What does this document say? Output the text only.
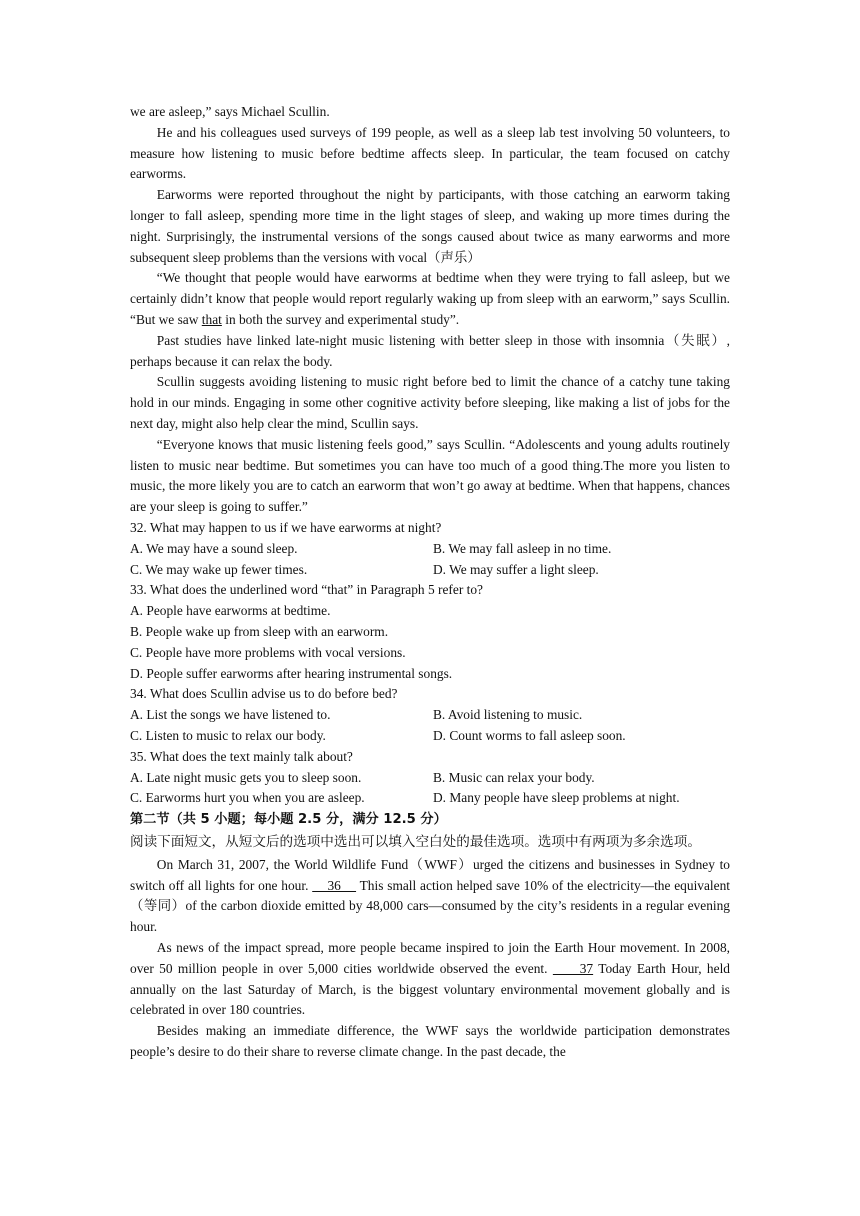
we are asleep,” says Michael Scullin.

He and his colleagues used surveys of 199 people, as well as a sleep lab test involving 50 volunteers, to measure how listening to music before bedtime affects sleep. In particular, the team focused on catchy earworms.

Earworms were reported throughout the night by participants, with those catching an earworm taking longer to fall asleep, spending more time in the light stages of sleep, and waking up more times during the night. Surprisingly, the instrumental versions of the songs caused about twice as many earworms and more subsequent sleep problems than the versions with vocal（声乐）

“We thought that people would have earworms at bedtime when they were trying to fall asleep, but we certainly didn’t know that people would report regularly waking up from sleep with an earworm,” says Scullin. “But we saw that in both the survey and experimental study”.

Past studies have linked late-night music listening with better sleep in those with insomnia（失眠）, perhaps because it can relax the body.

Scullin suggests avoiding listening to music right before bed to limit the chance of a catchy tune taking hold in our minds. Engaging in some other cognitive activity before sleeping, like making a list of jobs for the next day, might also help clear the mind, Scullin says.

“Everyone knows that music listening feels good,” says Scullin. “Adolescents and young adults routinely listen to music near bedtime. But sometimes you can have too much of a good thing.The more you listen to music, the more likely you are to catch an earworm that won’t go away at bedtime. When that happens, chances are your sleep is going to suffer.”

32. What may happen to us if we have earworms at night?
A. We may have a sound sleep.	B. We may fall asleep in no time.
C. We may wake up fewer times.	D. We may suffer a light sleep.
33. What does the underlined word “that” in Paragraph 5 refer to?
A. People have earworms at bedtime.
B. People wake up from sleep with an earworm.
C. People have more problems with vocal versions.
D. People suffer earworms after hearing instrumental songs.
34. What does Scullin advise us to do before bed?
A. List the songs we have listened to.	B. Avoid listening to music.
C. Listen to music to relax our body.	D. Count worms to fall asleep soon.
35. What does the text mainly talk about?
A. Late night music gets you to sleep soon.	B. Music can relax your body.
C. Earworms hurt you when you are asleep.	D. Many people have sleep problems at night.
第二节（共 5 小题；每小题 2.5 分，满分 12.5 分）
阅读下面短文，从短文后的选项中选出可以填入空白处的最佳选项。选项中有两项为多余选项。

On March 31, 2007, the World Wildlife Fund（WWF）urged the citizens and businesses in Sydney to switch off all lights for one hour.     36     This small action helped save 10% of the electricity—the equivalent（等同）of the carbon dioxide emitted by 48,000 cars—consumed by the city’s residents in a regular evening hour.

As news of the impact spread, more people became inspired to join the Earth Hour movement. In 2008, over 50 million people in over 5,000 cities worldwide observed the event.      37 Today Earth Hour, held annually on the last Saturday of March, is the biggest voluntary environmental movement globally and is celebrated in over 180 countries.

Besides making an immediate difference, the WWF says the worldwide participation demonstrates people’s desire to do their share to reverse climate change. In the past decade, the
